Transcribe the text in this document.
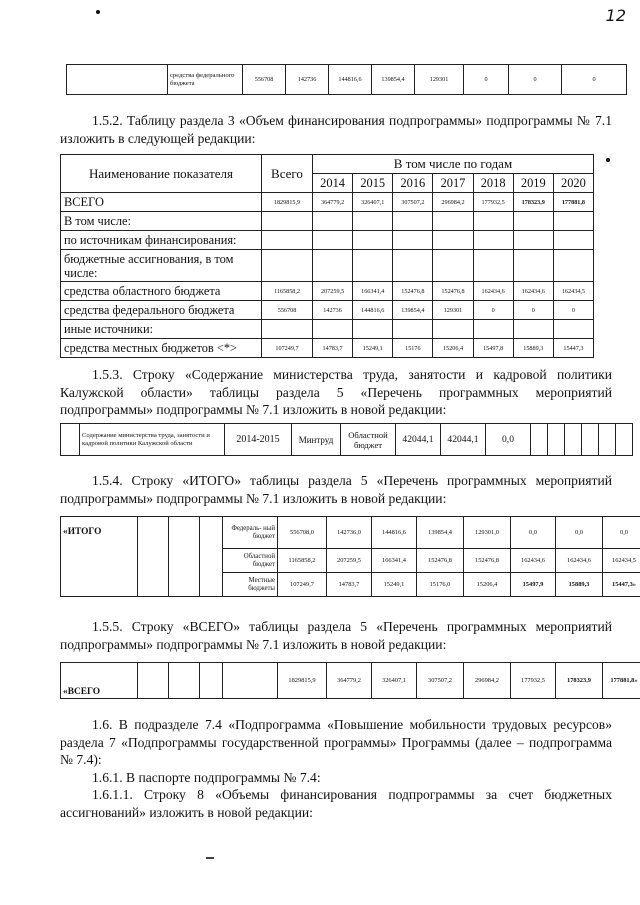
12
	средства федерального бюджета	556708	142736	144816,6	139854,4	129301	0	0	0

1.5.2. Таблицу раздела 3 «Объем финансирования подпрограммы» подпрограммы № 7.1 изложить в следующей редакции:

Наименование показателя	Всего	В том числе по годам						
		2014	2015	2016	2017	2018	2019	2020
ВСЕГО	1829815,9	364779,2	326407,1	307507,2	296984,2	177932,5	178323,9	177881,8
В том числе:								
по источникам финансирования:								
бюджетные ассигнования, в том числе:								
средства областного бюджета	1165858,2	207259,5	166341,4	152476,8	152476,8	162434,6	162434,6	162434,5
средства федерального бюджета	556708	142736	144816,6	139854,4	129301	0	0	0
иные источники:								
средства местных бюджетов <*>	107249,7	14783,7	15249,1	15176	15206,4	15497,8	15889,3	15447,3

1.5.3. Строку «Содержание министерства труда, занятости и кадровой политики Калужской области» таблицы раздела 5 «Перечень программных мероприятий подпрограммы» подпрограммы № 7.1 изложить в новой редакции:

	Содержание министерства труда, занятости и кадровой политики Калужской области	2014-2015	Минтруд	Областной бюджет	42044,1	42044,1	0,0						

1.5.4. Строку «ИТОГО» таблицы раздела 5 «Перечень программных мероприятий подпрограммы» подпрограммы № 7.1 изложить в новой редакции:

«ИТОГО				Федераль- ный бюджет	556708,0	142736,0	144816,6	139854,4	129301,0	0,0	0,0	0,0
				Областной бюджет	1165858,2	207259,5	166341,4	152476,8	152476,8	162434,6	162434,6	162434,5
				Местные бюджеты	107249,7	14783,7	15249,1	15176,0	15206,4	15497,9	15889,3	15447,3»

1.5.5. Строку «ВСЕГО» таблицы раздела 5 «Перечень программных мероприятий подпрограммы» подпрограммы № 7.1 изложить в новой редакции:

«ВСЕГО					1829815,9	364779,2	326407,1	307507,2	296984,2	177932,5	178323,9	177881,8»

1.6. В подразделе 7.4 «Подпрограмма «Повышение мобильности трудовых ресурсов» раздела 7 «Подпрограммы государственной программы» Программы (далее – подпрограмма № 7.4):

1.6.1. В паспорте подпрограммы № 7.4:

1.6.1.1. Строку 8 «Объемы финансирования подпрограммы за счет бюджетных ассигнований» изложить в новой редакции:
